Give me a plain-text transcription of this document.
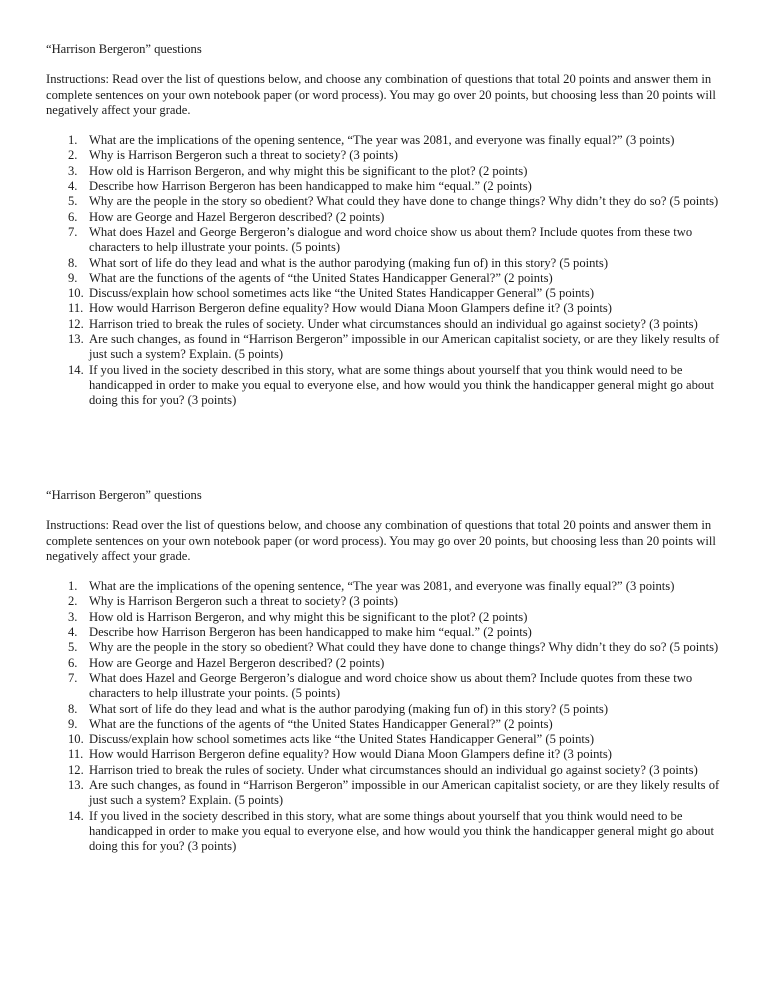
“Harrison Bergeron” questions
Instructions: Read over the list of questions below, and choose any combination of questions that total 20 points and answer them in complete sentences on your own notebook paper (or word process). You may go over 20 points, but choosing less than 20 points will negatively affect your grade.
1. What are the implications of the opening sentence, “The year was 2081, and everyone was finally equal?” (3 points)
2. Why is Harrison Bergeron such a threat to society? (3 points)
3. How old is Harrison Bergeron, and why might this be significant to the plot? (2 points)
4. Describe how Harrison Bergeron has been handicapped to make him “equal.” (2 points)
5. Why are the people in the story so obedient? What could they have done to change things? Why didn’t they do so? (5 points)
6. How are George and Hazel Bergeron described? (2 points)
7. What does Hazel and George Bergeron’s dialogue and word choice show us about them? Include quotes from these two characters to help illustrate your points. (5 points)
8. What sort of life do they lead and what is the author parodying (making fun of) in this story? (5 points)
9. What are the functions of the agents of “the United States Handicapper General?” (2 points)
10. Discuss/explain how school sometimes acts like “the United States Handicapper General” (5 points)
11. How would Harrison Bergeron define equality? How would Diana Moon Glampers define it? (3 points)
12. Harrison tried to break the rules of society. Under what circumstances should an individual go against society? (3 points)
13. Are such changes, as found in “Harrison Bergeron” impossible in our American capitalist society, or are they likely results of just such a system? Explain. (5 points)
14. If you lived in the society described in this story, what are some things about yourself that you think would need to be handicapped in order to make you equal to everyone else, and how would you think the handicapper general might go about doing this for you? (3 points)
“Harrison Bergeron” questions
Instructions: Read over the list of questions below, and choose any combination of questions that total 20 points and answer them in complete sentences on your own notebook paper (or word process). You may go over 20 points, but choosing less than 20 points will negatively affect your grade.
1. What are the implications of the opening sentence, “The year was 2081, and everyone was finally equal?” (3 points)
2. Why is Harrison Bergeron such a threat to society? (3 points)
3. How old is Harrison Bergeron, and why might this be significant to the plot? (2 points)
4. Describe how Harrison Bergeron has been handicapped to make him “equal.” (2 points)
5. Why are the people in the story so obedient? What could they have done to change things? Why didn’t they do so? (5 points)
6. How are George and Hazel Bergeron described? (2 points)
7. What does Hazel and George Bergeron’s dialogue and word choice show us about them? Include quotes from these two characters to help illustrate your points. (5 points)
8. What sort of life do they lead and what is the author parodying (making fun of) in this story? (5 points)
9. What are the functions of the agents of “the United States Handicapper General?” (2 points)
10. Discuss/explain how school sometimes acts like “the United States Handicapper General” (5 points)
11. How would Harrison Bergeron define equality? How would Diana Moon Glampers define it? (3 points)
12. Harrison tried to break the rules of society. Under what circumstances should an individual go against society? (3 points)
13. Are such changes, as found in “Harrison Bergeron” impossible in our American capitalist society, or are they likely results of just such a system? Explain. (5 points)
14. If you lived in the society described in this story, what are some things about yourself that you think would need to be handicapped in order to make you equal to everyone else, and how would you think the handicapper general might go about doing this for you? (3 points)
